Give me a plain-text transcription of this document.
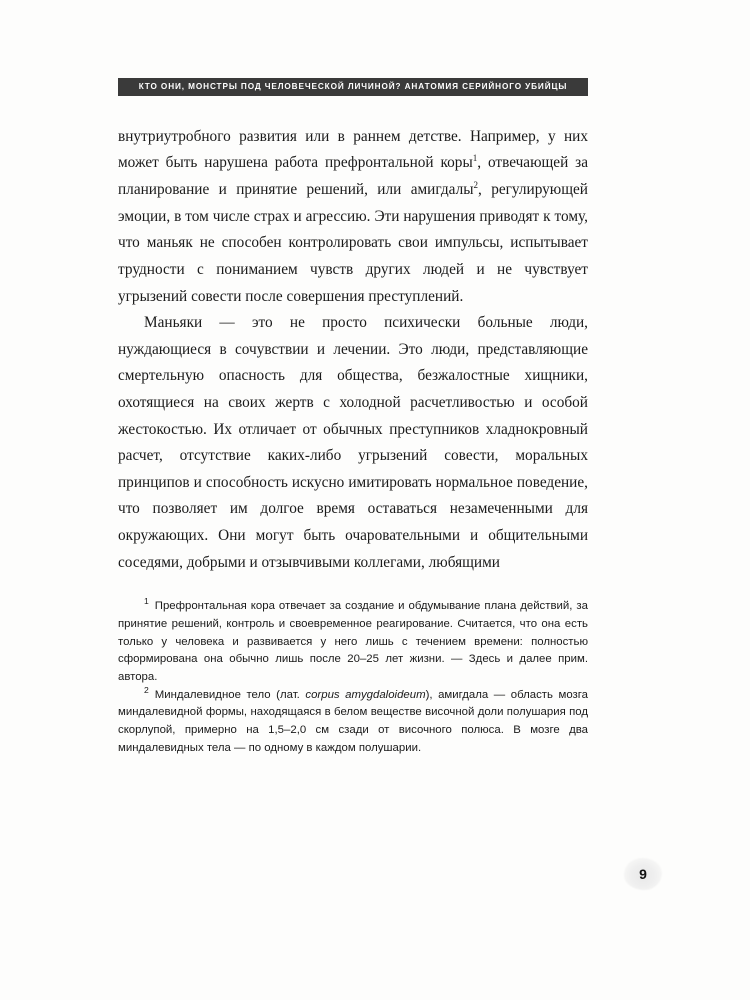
КТО ОНИ, МОНСТРЫ ПОД ЧЕЛОВЕЧЕСКОЙ ЛИЧИНОЙ? АНАТОМИЯ СЕРИЙНОГО УБИЙЦЫ

внутриутробного развития или в раннем детстве. Например, у них может быть нарушена работа префронтальной коры$^1$, отвечающей за планирование и принятие решений, или амигдалы$^2$, регулирующей эмоции, в том числе страх и агрессию. Эти нарушения приводят к тому, что маньяк не способен контролировать свои импульсы, испытывает трудности с пониманием чувств других людей и не чувствует угрызений совести после совершения преступлений.

Маньяки — это не просто психически больные люди, нуждающиеся в сочувствии и лечении. Это люди, представляющие смертельную опасность для общества, безжалостные хищники, охотящиеся на своих жертв с холодной расчетливостью и особой жестокостью. Их отличает от обычных преступников хладнокровный расчет, отсутствие каких-либо угрызений совести, моральных принципов и способность искусно имитировать нормальное поведение, что позволяет им долгое время оставаться незамеченными для окружающих. Они могут быть очаровательными и общительными соседями, добрыми и отзывчивыми коллегами, любящими

$^1$ Префронтальная кора отвечает за создание и обдумывание плана действий, за принятие решений, контроль и своевременное реагирование. Считается, что она есть только у человека и развивается у него лишь с течением времени: полностью сформирована она обычно лишь после 20–25 лет жизни. — Здесь и далее прим. автора.

$^2$ Миндалевидное тело (лат. corpus amygdaloideum), амигдала — область мозга миндалевидной формы, находящаяся в белом веществе височной доли полушария под скорлупой, примерно на 1,5–2,0 см сзади от височного полюса. В мозге два миндалевидных тела — по одному в каждом полушарии.

9
